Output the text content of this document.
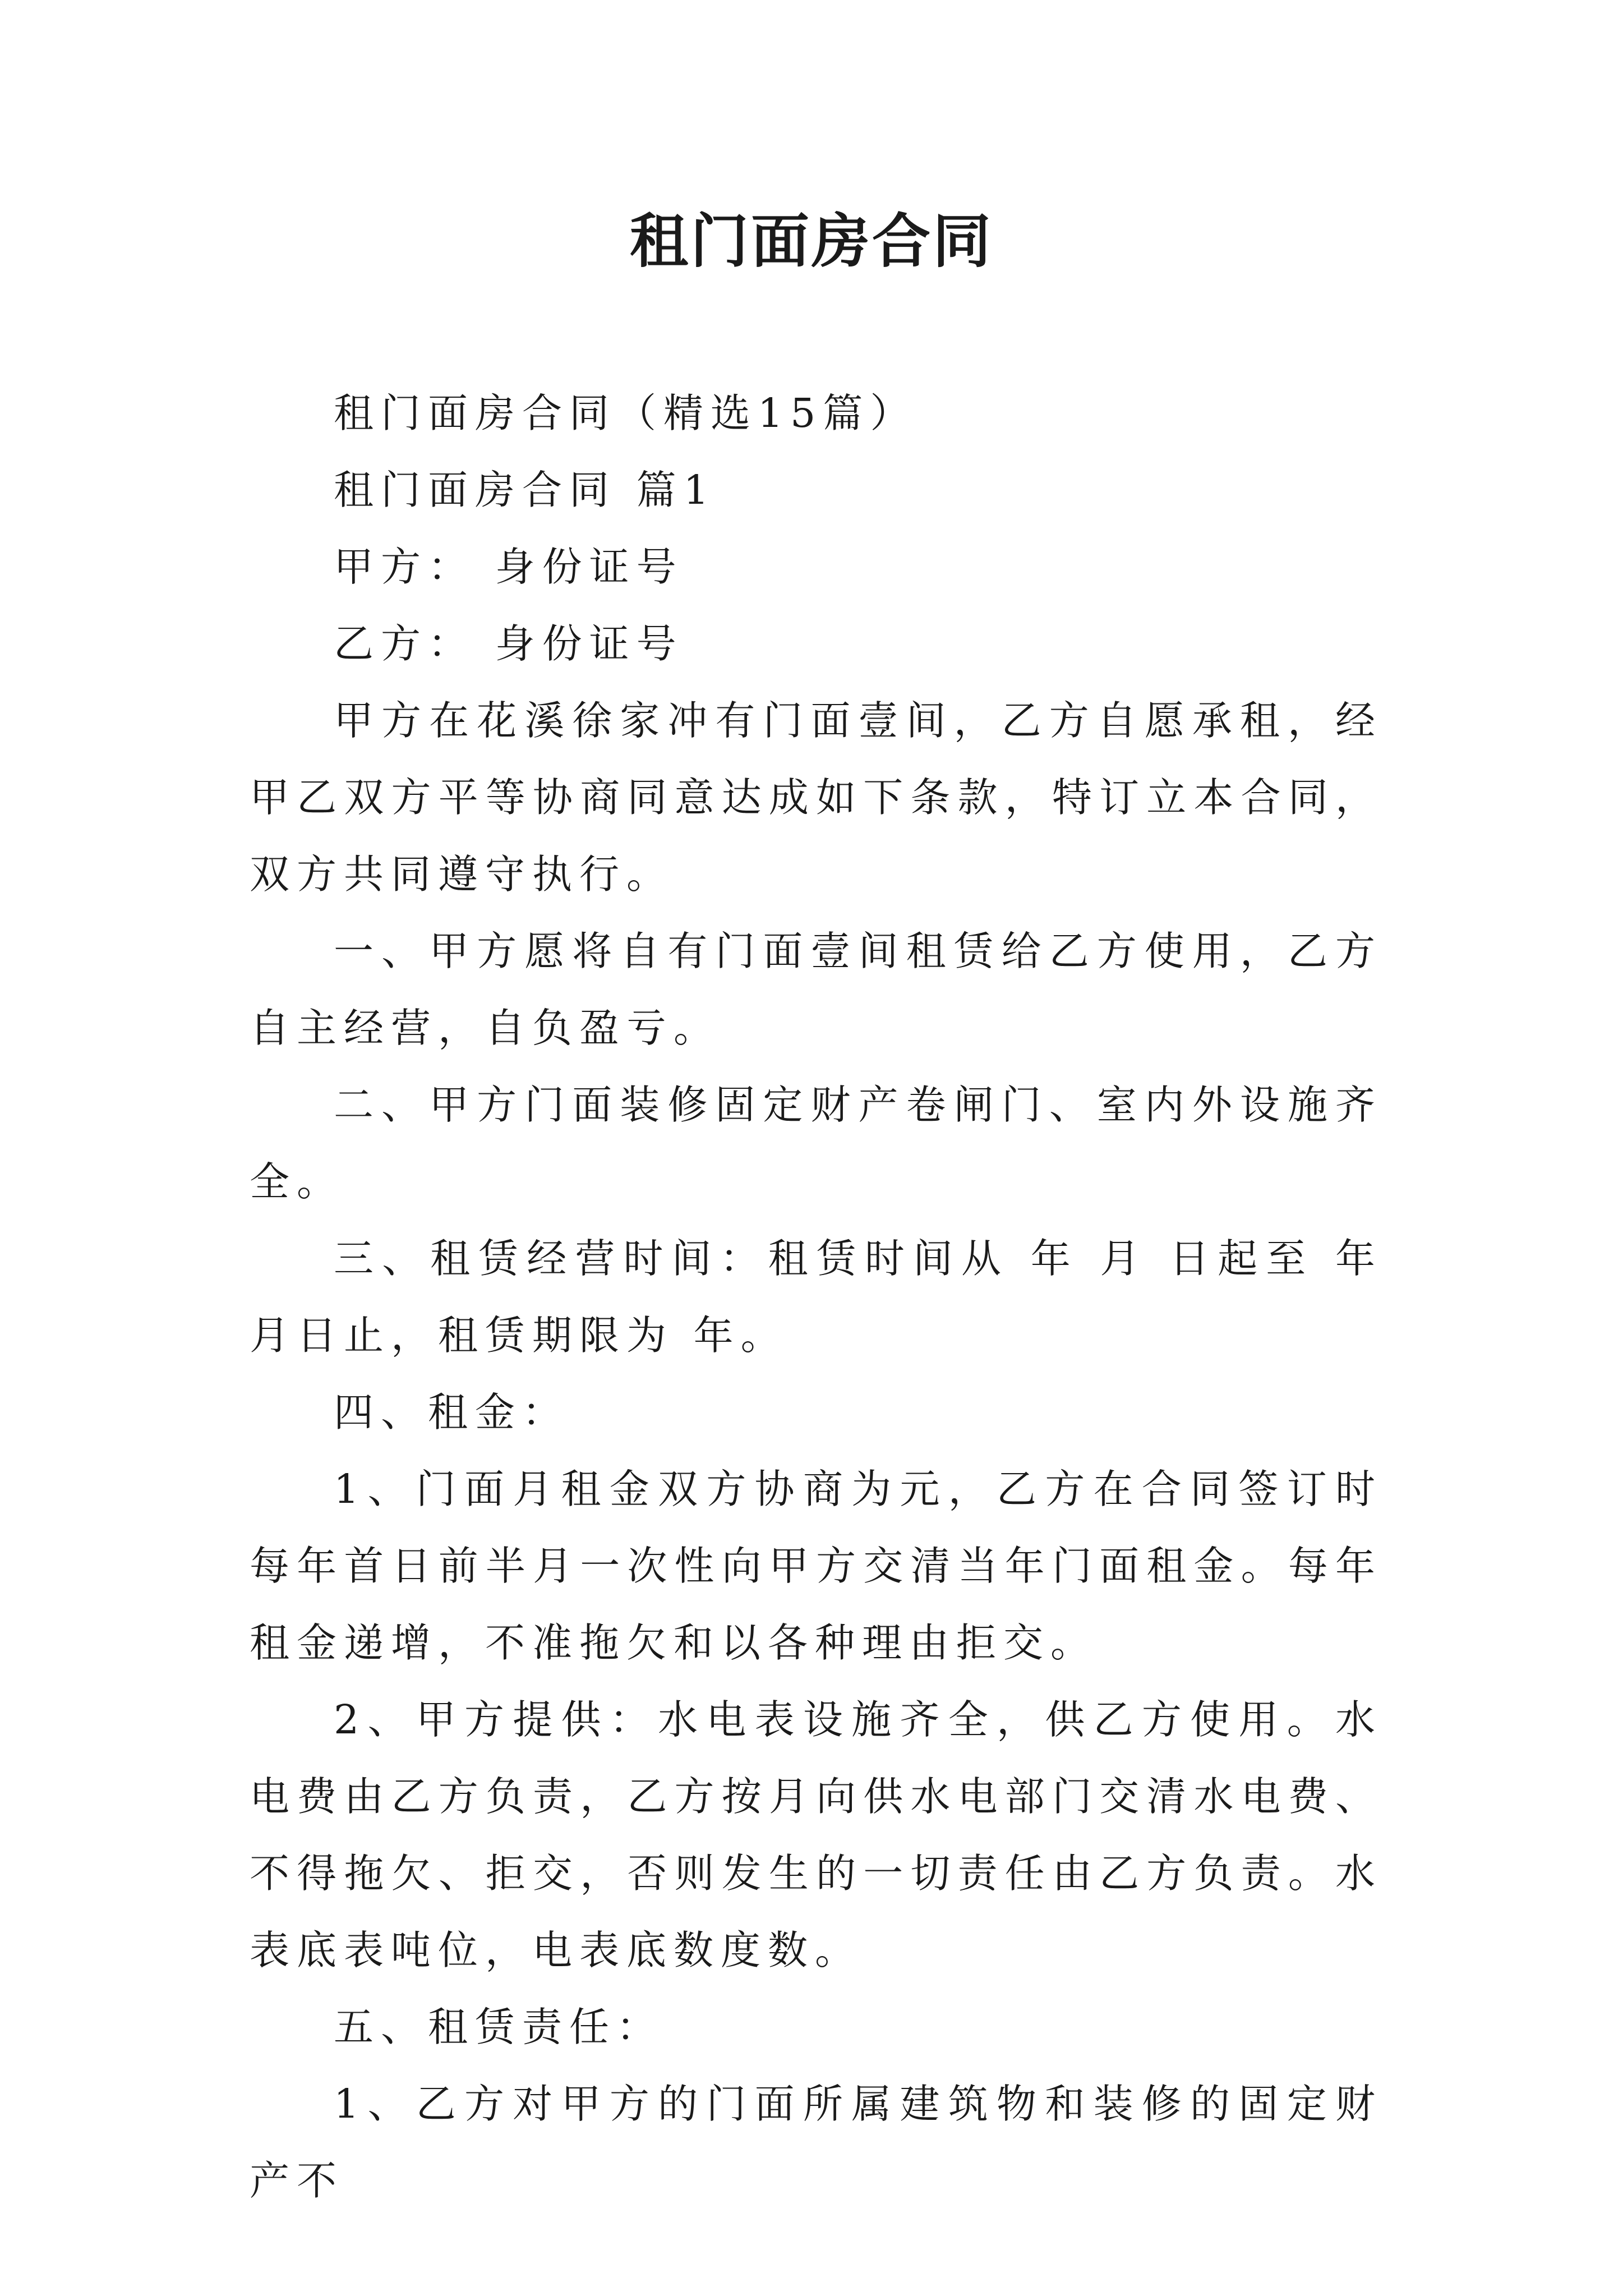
租门面房合同

租门面房合同（精选15篇）

租门面房合同 篇1

甲方： 身份证号

乙方： 身份证号

甲方在花溪徐家冲有门面壹间，乙方自愿承租，经甲乙双方平等协商同意达成如下条款，特订立本合同，双方共同遵守执行。

一、甲方愿将自有门面壹间租赁给乙方使用，乙方自主经营，自负盈亏。

二、甲方门面装修固定财产卷闸门、室内外设施齐全。

三、租赁经营时间：租赁时间从 年 月 日起至 年 月日止，租赁期限为 年。

四、租金：

1、门面月租金双方协商为元，乙方在合同签订时每年首日前半月一次性向甲方交清当年门面租金。每年租金递增，不准拖欠和以各种理由拒交。

2、甲方提供：水电表设施齐全，供乙方使用。水电费由乙方负责，乙方按月向供水电部门交清水电费、不得拖欠、拒交，否则发生的一切责任由乙方负责。水表底表吨位，电表底数度数。

五、租赁责任：

1、乙方对甲方的门面所属建筑物和装修的固定财产不
